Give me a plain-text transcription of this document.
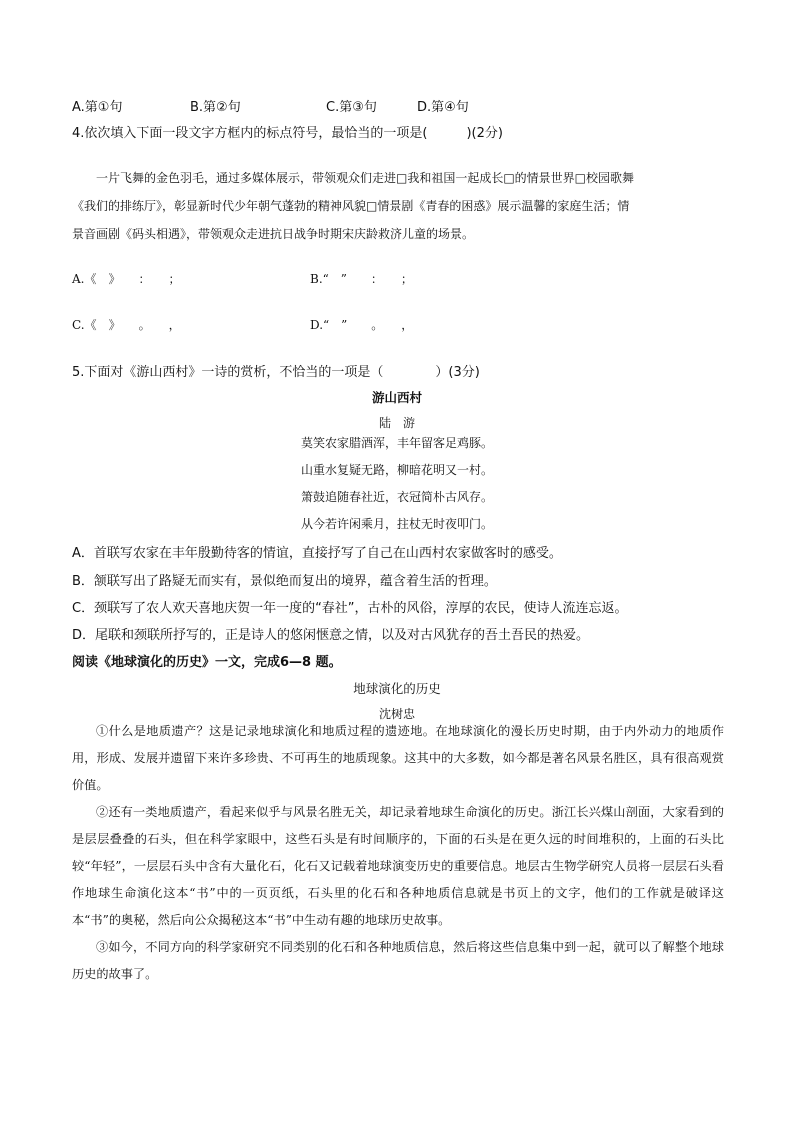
A.第①句	B.第②句	C.第③句	D.第④句
4.依次填入下面一段文字方框内的标点符号，最恰当的一项是(　　　)(2分)
一片飞舞的金色羽毛，通过多媒体展示，带领观众们走进□我和祖国一起成长□的情景世界□校园歌舞
《我们的排练厅》，彰显新时代少年朝气蓬勃的精神风貌□情景剧《青春的困惑》展示温馨的家庭生活；情
景音画剧《码头相遇》，带领观众走进抗日战争时期宋庆龄救济儿童的场景。
A.《　》　　：　　；	B.“　”　　：　　；
C.《　》　　。　　，	D.“　”　　。　　，
5.下面对《游山西村》一诗的赏析，不恰当的一项是（　　　　）(3分)
游山西村
陆　游
莫笑农家腊酒浑，丰年留客足鸡豚。
山重水复疑无路，柳暗花明又一村。
箫鼓追随春社近，衣冠简朴古风存。
从今若许闲乘月，拄杖无时夜叩门。
A．首联写农家在丰年殷勤待客的情谊，直接抒写了自己在山西村农家做客时的感受。
B．颔联写出了路疑无而实有，景似绝而复出的境界，蕴含着生活的哲理。
C．颈联写了农人欢天喜地庆贺一年一度的“春社”，古朴的风俗，淳厚的农民，使诗人流连忘返。
D．尾联和颈联所抒写的，正是诗人的悠闲惬意之情，以及对古风犹存的吾土吾民的热爱。
阅读《地球演化的历史》一文，完成6—8 题。
地球演化的历史
沈树忠

①什么是地质遗产？这是记录地球演化和地质过程的遗迹地。在地球演化的漫长历史时期，由于内外动力的地质作用，形成、发展并遗留下来许多珍贵、不可再生的地质现象。这其中的大多数，如今都是著名风景名胜区，具有很高观赏价值。

②还有一类地质遗产，看起来似乎与风景名胜无关，却记录着地球生命演化的历史。浙江长兴煤山剖面，大家看到的是层层叠叠的石头，但在科学家眼中，这些石头是有时间顺序的，下面的石头是在更久远的时间堆积的，上面的石头比较“年轻”，一层层石头中含有大量化石，化石又记载着地球演变历史的重要信息。地层古生物学研究人员将一层层石头看作地球生命演化这本“书”中的一页页纸，石头里的化石和各种地质信息就是书页上的文字，他们的工作就是破译这本“书”的奥秘，然后向公众揭秘这本“书”中生动有趣的地球历史故事。

③如今，不同方向的科学家研究不同类别的化石和各种地质信息，然后将这些信息集中到一起，就可以了解整个地球历史的故事了。
